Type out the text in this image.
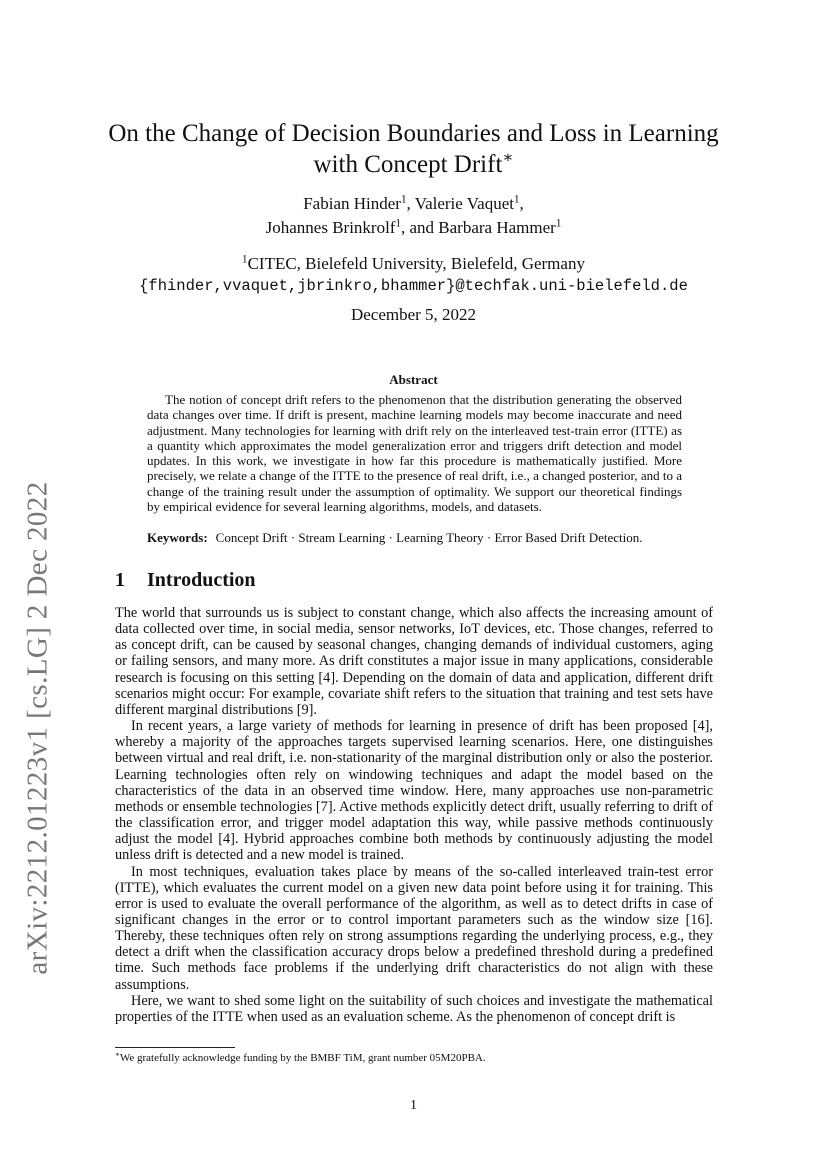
arXiv:2212.01223v1 [cs.LG] 2 Dec 2022
On the Change of Decision Boundaries and Loss in Learning
with Concept Drift∗
Fabian Hinder$^1$, Valerie Vaquet$^1$,
Johannes Brinkrolf$^1$, and Barbara Hammer$^1$
$^1$CITEC, Bielefeld University, Bielefeld, Germany
{fhinder,vvaquet,jbrinkro,bhammer}@techfak.uni-bielefeld.de
December 5, 2022
Abstract
The notion of concept drift refers to the phenomenon that the distribution generating the observed data changes over time. If drift is present, machine learning models may become inaccurate and need adjustment. Many technologies for learning with drift rely on the interleaved test-train error (ITTE) as a quantity which approximates the model generalization error and triggers drift detection and model updates. In this work, we investigate in how far this procedure is mathematically justified. More precisely, we relate a change of the ITTE to the presence of real drift, i.e., a changed posterior, and to a change of the training result under the assumption of optimality. We support our theoretical findings by empirical evidence for several learning algorithms, models, and datasets.
Keywords: Concept Drift · Stream Learning · Learning Theory · Error Based Drift Detection.
1 Introduction

The world that surrounds us is subject to constant change, which also affects the increasing amount of data collected over time, in social media, sensor networks, IoT devices, etc. Those changes, referred to as concept drift, can be caused by seasonal changes, changing demands of individual customers, aging or failing sensors, and many more. As drift constitutes a major issue in many applications, considerable research is focusing on this setting [4]. Depending on the domain of data and application, different drift scenarios might occur: For example, covariate shift refers to the situation that training and test sets have different marginal distributions [9].

In recent years, a large variety of methods for learning in presence of drift has been proposed [4], whereby a majority of the approaches targets supervised learning scenarios. Here, one distinguishes between virtual and real drift, i.e. non-stationarity of the marginal distribution only or also the posterior. Learning technologies often rely on windowing techniques and adapt the model based on the characteristics of the data in an observed time window. Here, many approaches use non-parametric methods or ensemble technologies [7]. Active methods explicitly detect drift, usually referring to drift of the classification error, and trigger model adaptation this way, while passive methods continuously adjust the model [4]. Hybrid approaches combine both methods by continuously adjusting the model unless drift is detected and a new model is trained.

In most techniques, evaluation takes place by means of the so-called interleaved train-test error (ITTE), which evaluates the current model on a given new data point before using it for training. This error is used to evaluate the overall performance of the algorithm, as well as to detect drifts in case of significant changes in the error or to control important parameters such as the window size [16]. Thereby, these techniques often rely on strong assumptions regarding the underlying process, e.g., they detect a drift when the classification accuracy drops below a predefined threshold during a predefined time. Such methods face problems if the underlying drift characteristics do not align with these assumptions.

Here, we want to shed some light on the suitability of such choices and investigate the mathematical properties of the ITTE when used as an evaluation scheme. As the phenomenon of concept drift is

∗We gratefully acknowledge funding by the BMBF TiM, grant number 05M20PBA.
1
